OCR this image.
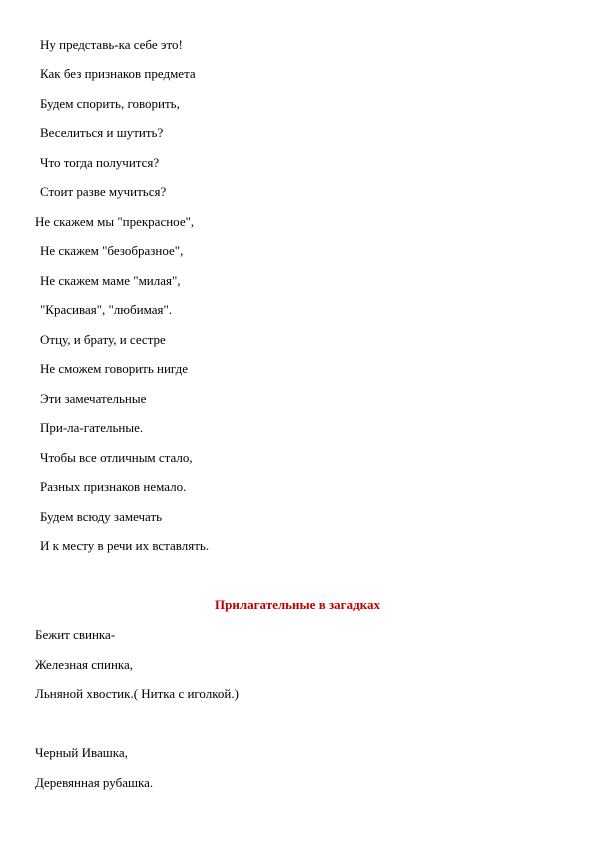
Ну представь-ка себе это!
Как без признаков предмета
Будем спорить, говорить,
Веселиться и шутить?
Что тогда получится?
Стоит разве мучиться?
Не скажем мы "прекрасное",
Не скажем "безобразное",
Не скажем маме "милая",
"Красивая", "любимая".
Отцу, и брату, и сестре
Не сможем говорить нигде
Эти замечательные
При-ла-гательные.
Чтобы все отличным стало,
Разных признаков немало.
Будем всюду замечать
И к месту в речи их вставлять.
Прилагательные в загадках
Бежит свинка-
Железная спинка,
Льняной хвостик.( Нитка с иголкой.)
Черный Ивашка,
Деревянная рубашка.
